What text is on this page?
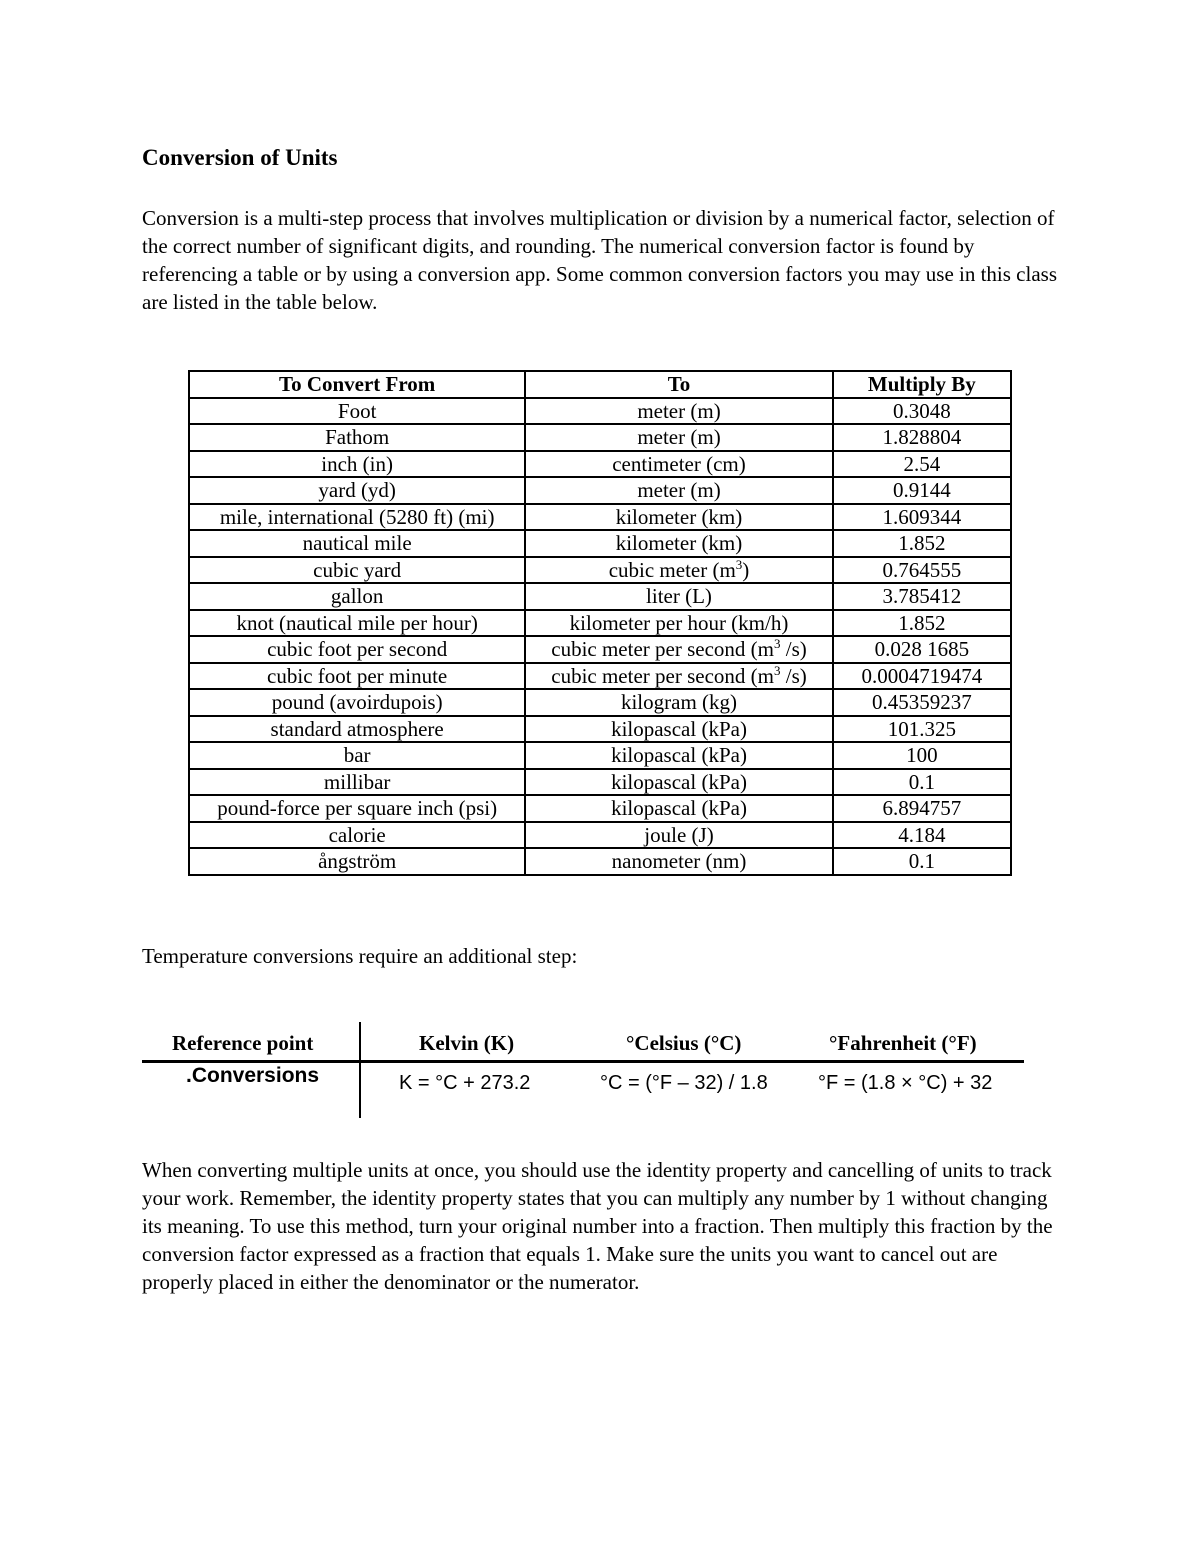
Conversion of Units

Conversion is a multi-step process that involves multiplication or division by a numerical factor, selection of the correct number of significant digits, and rounding. The numerical conversion factor is found by referencing a table or by using a conversion app. Some common conversion factors you may use in this class are listed in the table below.

To Convert From	To	Multiply By
Foot	meter (m)	0.3048
Fathom	meter (m)	1.828804
inch (in)	centimeter (cm)	2.54
yard (yd)	meter (m)	0.9144
mile, international (5280 ft) (mi)	kilometer (km)	1.609344
nautical mile	kilometer (km)	1.852
cubic yard	cubic meter $(m^3)$	0.764555
gallon	liter (L)	3.785412
knot (nautical mile per hour)	kilometer per hour (km/h)	1.852
cubic foot per second	cubic meter per second ($m^3$ /s)	0.028 1685
cubic foot per minute	cubic meter per second ($m^3$ /s)	0.0004719474
pound (avoirdupois)	kilogram (kg)	0.45359237
standard atmosphere	kilopascal (kPa)	101.325
bar	kilopascal (kPa)	100
millibar	kilopascal (kPa)	0.1
pound-force per square inch (psi)	kilopascal (kPa)	6.894757
calorie	joule (J)	4.184
ångström	nanometer (nm)	0.1

Temperature conversions require an additional step:

Reference point	Kelvin (K)	°Celsius (°C)	°Fahrenheit (°F)
.Conversions	K = °C + 273.2	°C = (°F – 32) / 1.8	°F = (1.8 × °C) + 32

When converting multiple units at once, you should use the identity property and cancelling of units to track your work. Remember, the identity property states that you can multiply any number by 1 without changing its meaning. To use this method, turn your original number into a fraction. Then multiply this fraction by the conversion factor expressed as a fraction that equals 1. Make sure the units you want to cancel out are properly placed in either the denominator or the numerator.
